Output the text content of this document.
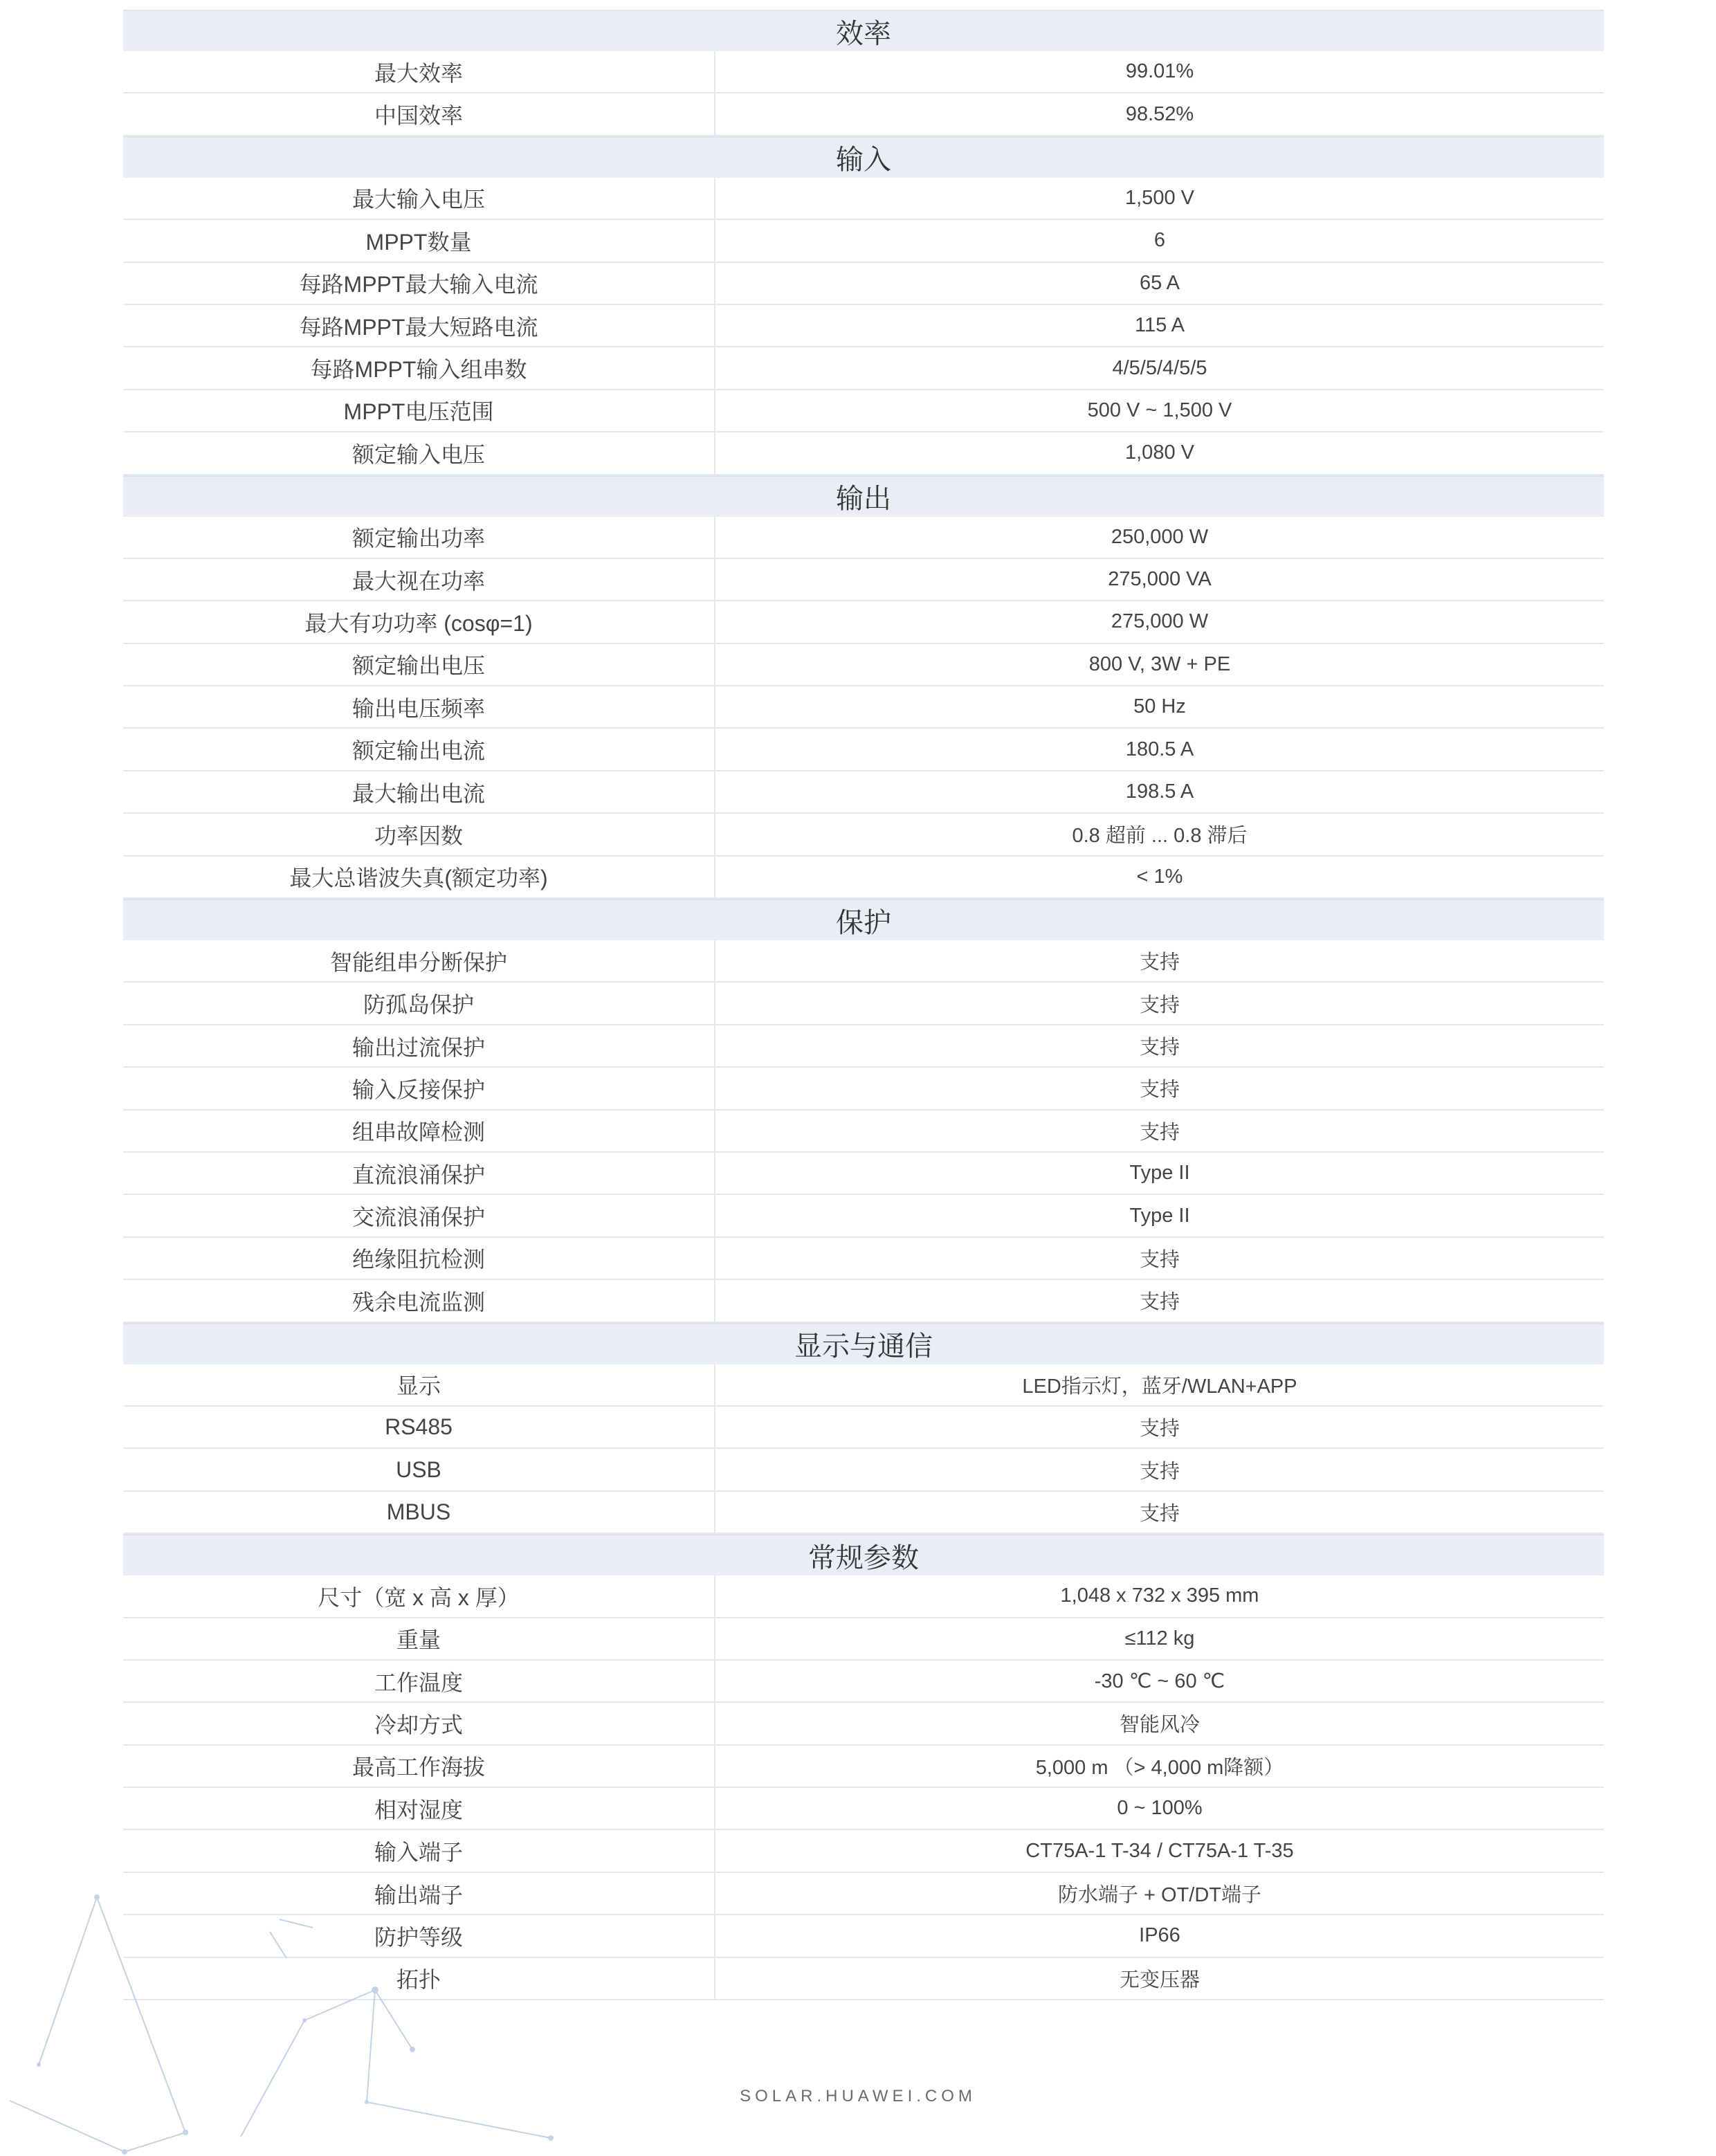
效率
最大效率	99.01%
中国效率	98.52%
输入
最大输入电压	1,500 V
MPPT数量	6
每路MPPT最大输入电流	65 A
每路MPPT最大短路电流	115 A
每路MPPT输入组串数	4/5/5/4/5/5
MPPT电压范围	500 V ~ 1,500 V
额定输入电压	1,080 V
输出
额定输出功率	250,000 W
最大视在功率	275,000 VA
最大有功功率 (cosφ=1)	275,000 W
额定输出电压	800 V, 3W + PE
输出电压频率	50 Hz
额定输出电流	180.5 A
最大输出电流	198.5 A
功率因数	0.8 超前 ... 0.8 滞后
最大总谐波失真(额定功率)	< 1%
保护
智能组串分断保护	支持
防孤岛保护	支持
输出过流保护	支持
输入反接保护	支持
组串故障检测	支持
直流浪涌保护	Type II
交流浪涌保护	Type II
绝缘阻抗检测	支持
残余电流监测	支持
显示与通信
显示	LED指示灯，蓝牙/WLAN+APP
RS485	支持
USB	支持
MBUS	支持
常规参数
尺寸（宽 x 高 x 厚）	1,048 x 732 x 395 mm
重量	≤112 kg
工作温度	-30 ℃ ~ 60 ℃
冷却方式	智能风冷
最高工作海拔	5,000 m （> 4,000 m降额）
相对湿度	0 ~ 100%
输入端子	CT75A-1 T-34 / CT75A-1 T-35
输出端子	防水端子 + OT/DT端子
防护等级	IP66
拓扑	无变压器
SOLAR.HUAWEI.COM
